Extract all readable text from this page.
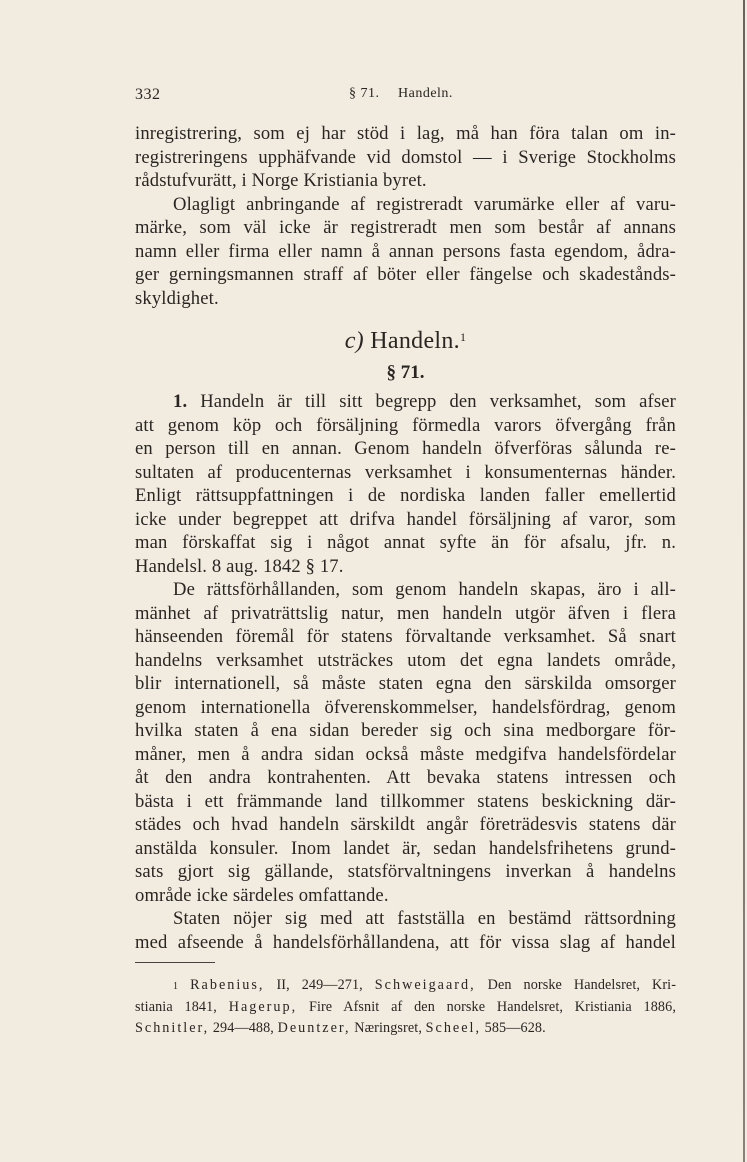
332	§ 71. Handeln.

inregistrering, som ej har stöd i lag, må han föra talan om in-

registreringens upphäfvande vid domstol — i Sverige Stockholms

rådstufvurätt, i Norge Kristiania byret.

Olagligt anbringande af registreradt varumärke eller af varu-

märke, som väl icke är registreradt men som består af annans

namn eller firma eller namn å annan persons fasta egendom, ådra-

ger gerningsmannen straff af böter eller fängelse och skadestånds-

skyldighet.

c) Handeln.$^1$
§ 71.

1. Handeln är till sitt begrepp den verksamhet, som afser

att genom köp och försäljning förmedla varors öfvergång från

en person till en annan. Genom handeln öfverföras sålunda re-

sultaten af producenternas verksamhet i konsumenternas händer.

Enligt rättsuppfattningen i de nordiska landen faller emellertid

icke under begreppet att drifva handel försäljning af varor, som

man förskaffat sig i något annat syfte än för afsalu, jfr. n.

Handelsl. 8 aug. 1842 § 17.

De rättsförhållanden, som genom handeln skapas, äro i all-

mänhet af privaträttslig natur, men handeln utgör äfven i flera

hänseenden föremål för statens förvaltande verksamhet. Så snart

handelns verksamhet utsträckes utom det egna landets område,

blir internationell, så måste staten egna den särskilda omsorger

genom internationella öfverenskommelser, handelsfördrag, genom

hvilka staten å ena sidan bereder sig och sina medborgare för-

måner, men å andra sidan också måste medgifva handelsfördelar

åt den andra kontrahenten. Att bevaka statens intressen och

bästa i ett främmande land tillkommer statens beskickning där-

städes och hvad handeln särskildt angår företrädesvis statens där

anstälda konsuler. Inom landet är, sedan handelsfrihetens grund-

sats gjort sig gällande, statsförvaltningens inverkan å handelns

område icke särdeles omfattande.

Staten nöjer sig med att fastställa en bestämd rättsordning

med afseende å handelsförhållandena, att för vissa slag af handel

$^1$ Rabenius, II, 249—271, Schweigaard, Den norske Handelsret, Kri-

stiania 1841, Hagerup, Fire Afsnit af den norske Handelsret, Kristiania 1886,

Schnitler, 294—488, Deuntzer, Næringsret, Scheel, 585—628.
